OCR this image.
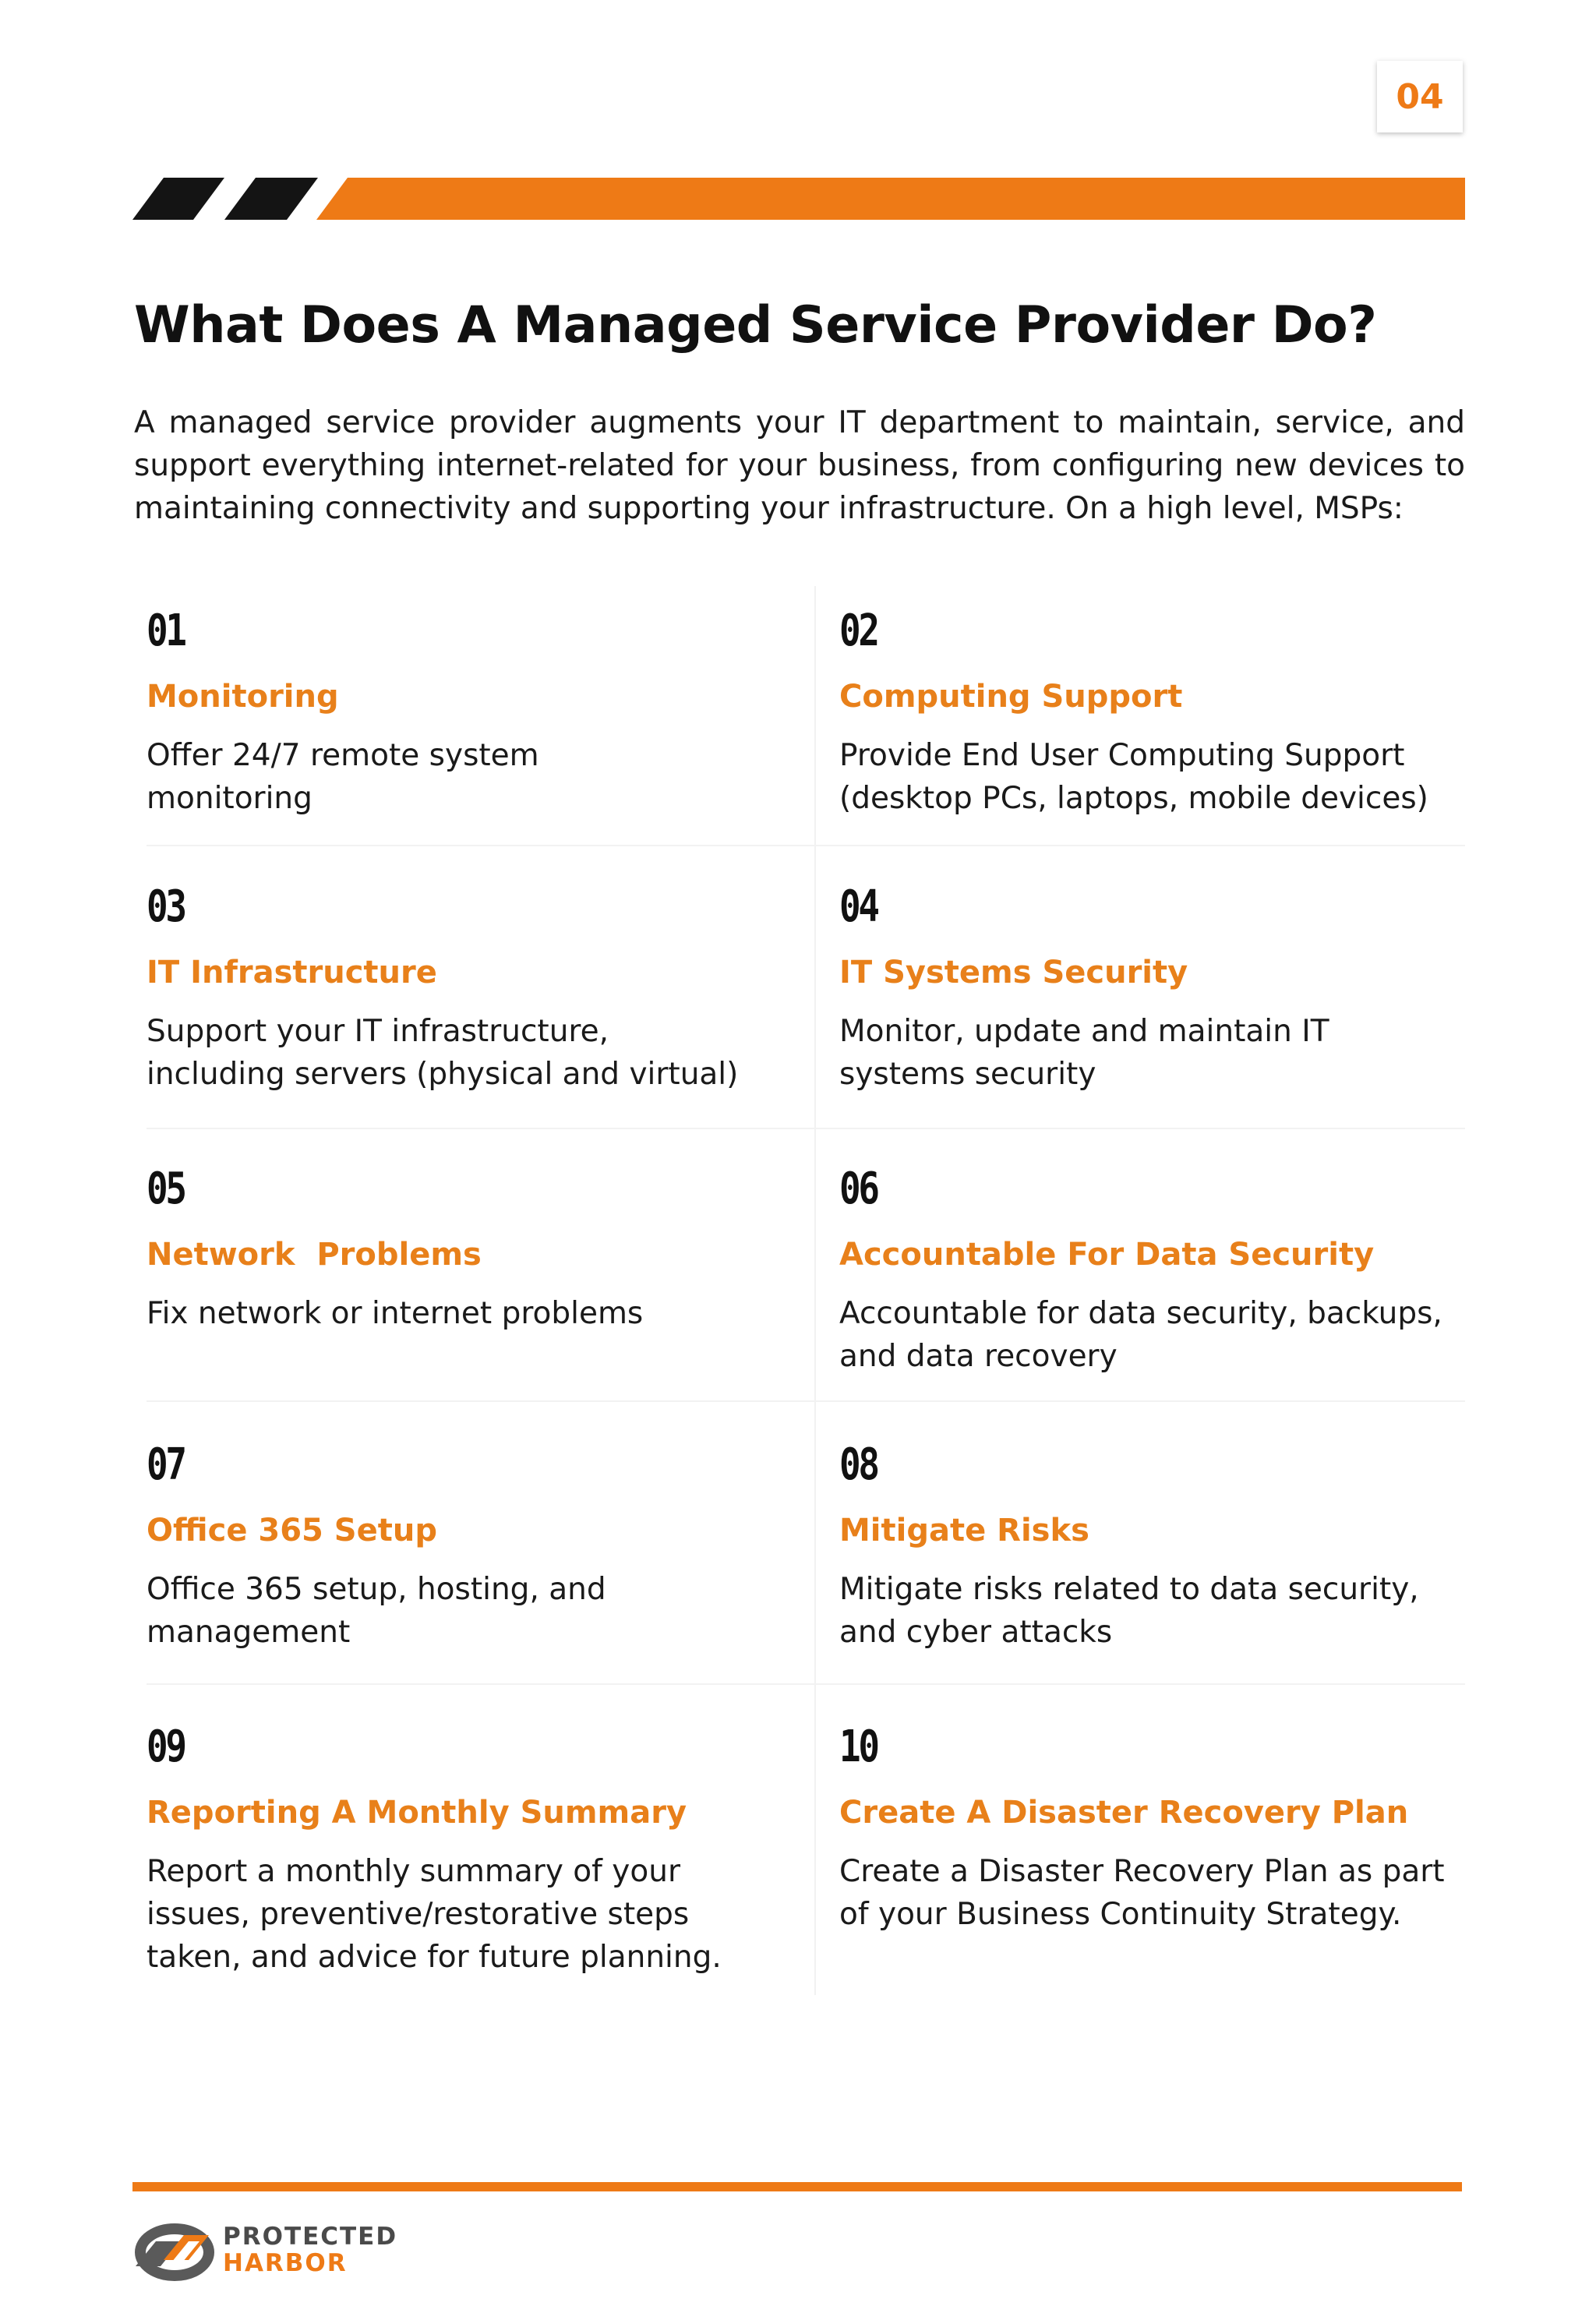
04
What Does A Managed Service Provider Do?
A managed service provider augments your IT department to maintain, service, and support everything internet-related for your business, from configuring new devices to maintaining connectivity and supporting your infrastructure. On a high level, MSPs:
01
Monitoring
Offer 24/7 remote system monitoring
02
Computing Support
Provide End User Computing Support (desktop PCs, laptops, mobile devices)
03
IT Infrastructure
Support your IT infrastructure, including servers (physical and virtual)
04
IT Systems Security
Monitor, update and maintain IT systems security
05
Network  Problems
Fix network or internet problems
06
Accountable For Data Security
Accountable for data security, backups, and data recovery
07
Office 365 Setup
Office 365 setup, hosting, and management
08
Mitigate Risks
Mitigate risks related to data security, and cyber attacks
09
Reporting A Monthly Summary
Report a monthly summary of your issues, preventive/restorative steps taken, and advice for future planning.
10
Create A Disaster Recovery Plan
Create a Disaster Recovery Plan as part of your Business Continuity Strategy.
PROTECTED
HARBOR
